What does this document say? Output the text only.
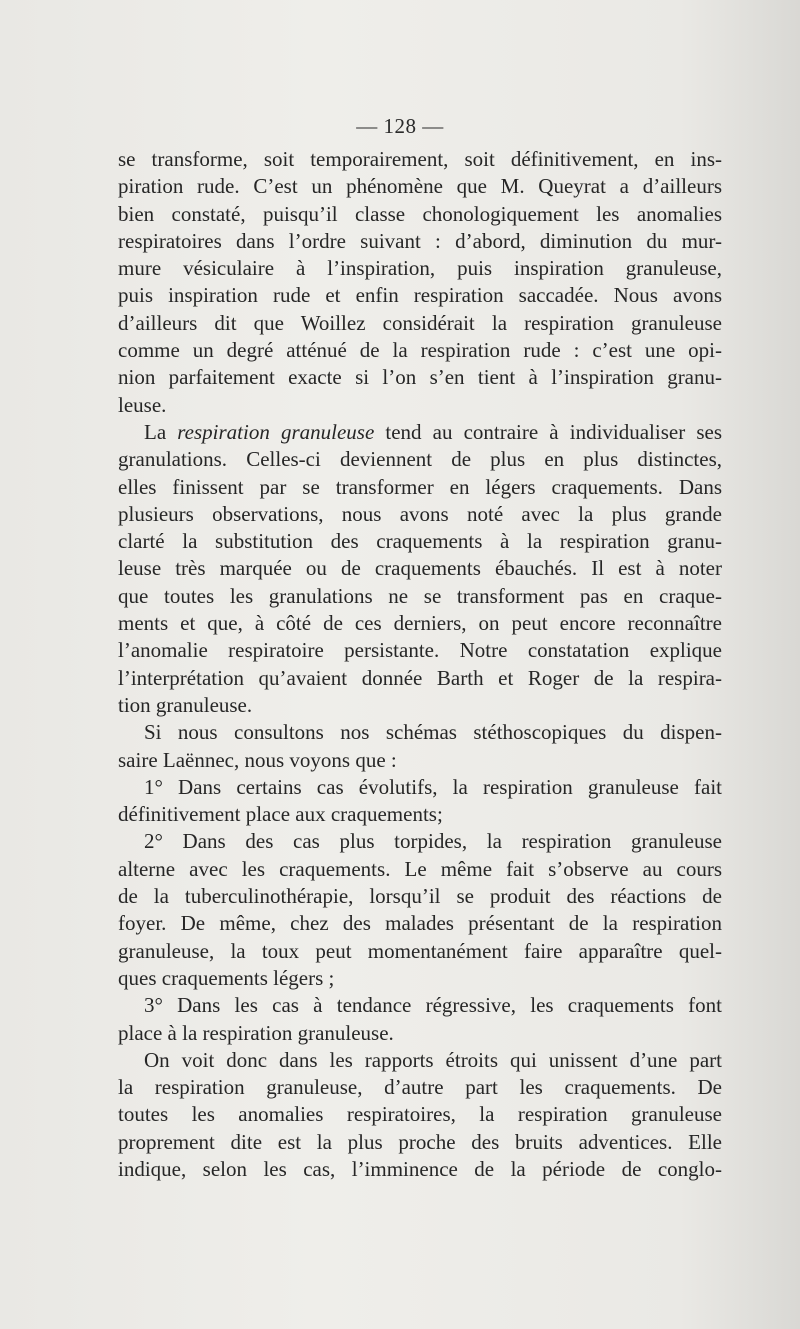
— 128 —
se transforme, soit temporairement, soit définitivement, en ins-
piration rude. C’est un phénomène que M. Queyrat a d’ailleurs
bien constaté, puisqu’il classe chonologiquement les anomalies
respiratoires dans l’ordre suivant : d’abord, diminution du mur-
mure vésiculaire à l’inspiration, puis inspiration granuleuse,
puis inspiration rude et enfin respiration saccadée. Nous avons
d’ailleurs dit que Woillez considérait la respiration granuleuse
comme un degré atténué de la respiration rude : c’est une opi-
nion parfaitement exacte si l’on s’en tient à l’inspiration granu-
leuse.
La respiration granuleuse tend au contraire à individualiser ses
granulations. Celles-ci deviennent de plus en plus distinctes,
elles finissent par se transformer en légers craquements. Dans
plusieurs observations, nous avons noté avec la plus grande
clarté la substitution des craquements à la respiration granu-
leuse très marquée ou de craquements ébauchés. Il est à noter
que toutes les granulations ne se transforment pas en craque-
ments et que, à côté de ces derniers, on peut encore reconnaître
l’anomalie respiratoire persistante. Notre constatation explique
l’interprétation qu’avaient donnée Barth et Roger de la respira-
tion granuleuse.
Si nous consultons nos schémas stéthoscopiques du dispen-
saire Laënnec, nous voyons que :
1° Dans certains cas évolutifs, la respiration granuleuse fait
définitivement place aux craquements;
2° Dans des cas plus torpides, la respiration granuleuse
alterne avec les craquements. Le même fait s’observe au cours
de la tuberculinothérapie, lorsqu’il se produit des réactions de
foyer. De même, chez des malades présentant de la respiration
granuleuse, la toux peut momentanément faire apparaître quel-
ques craquements légers ;
3° Dans les cas à tendance régressive, les craquements font
place à la respiration granuleuse.
On voit donc dans les rapports étroits qui unissent d’une part
la respiration granuleuse, d’autre part les craquements. De
toutes les anomalies respiratoires, la respiration granuleuse
proprement dite est la plus proche des bruits adventices. Elle
indique, selon les cas, l’imminence de la période de conglo-
